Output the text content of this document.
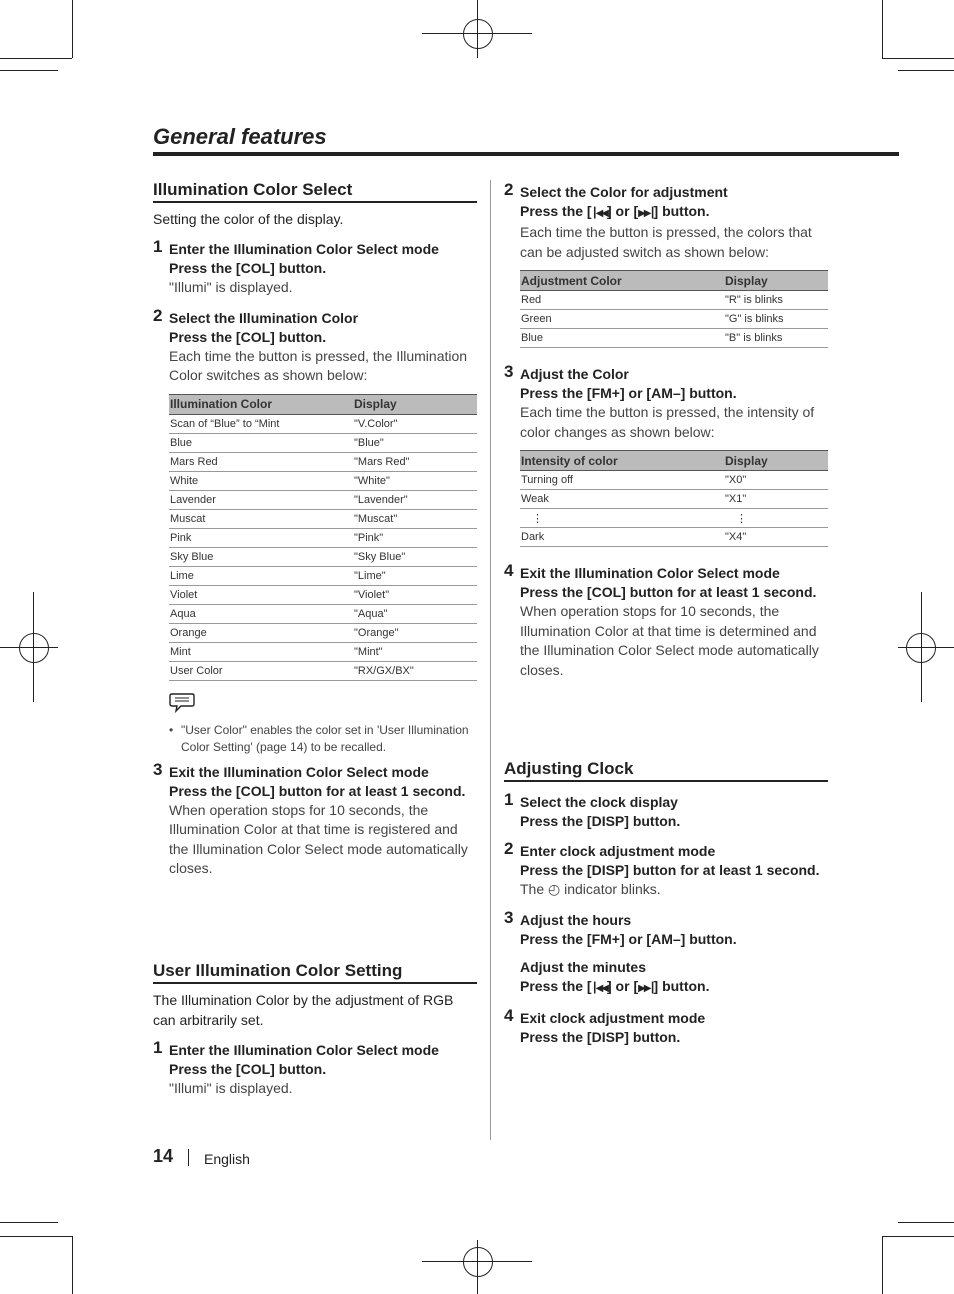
General features
Illumination Color Select

Setting the color of the display.

1 Enter the Illumination Color Select mode
Press the [COL] button.
"Illumi" is displayed.
2 Select the Illumination Color
Press the [COL] button.
Each time the button is pressed, the Illumination Color switches as shown below:
Illumination Color	Display
Scan of “Blue” to “Mint	"V.Color"
Blue	"Blue"
Mars Red	"Mars Red"
White	"White"
Lavender	"Lavender"
Muscat	"Muscat"
Pink	"Pink"
Sky Blue	"Sky Blue"
Lime	"Lime"
Violet	"Violet"
Aqua	"Aqua"
Orange	"Orange"
Mint	"Mint"
User Color	"RX/GX/BX"
• "User Color" enables the color set in 'User Illumination Color Setting' (page 14) to be recalled.
3 Exit the Illumination Color Select mode
Press the [COL] button for at least 1 second.
When operation stops for 10 seconds, the Illumination Color at that time is registered and the Illumination Color Select mode automatically closes.
User Illumination Color Setting

The Illumination Color by the adjustment of RGB can arbitrarily set.

1 Enter the Illumination Color Select mode
Press the [COL] button.
"Illumi" is displayed.
2 Select the Color for adjustment
Press the [┃◀◀] or [▶▶┃] button.
Each time the button is pressed, the colors that can be adjusted switch as shown below:
Adjustment Color	Display
Red	"R" is blinks
Green	"G" is blinks
Blue	"B" is blinks
3 Adjust the Color
Press the [FM+] or [AM–] button.
Each time the button is pressed, the intensity of color changes as shown below:
Intensity of color	Display
Turning off	"X0"
Weak	"X1"
⋮	⋮
Dark	"X4"
4 Exit the Illumination Color Select mode
Press the [COL] button for at least 1 second.
When operation stops for 10 seconds, the Illumination Color at that time is determined and the Illumination Color Select mode automatically closes.
Adjusting Clock
1 Select the clock display
Press the [DISP] button.
2 Enter clock adjustment mode
Press the [DISP] button for at least 1 second.
The ◴ indicator blinks.
3 Adjust the hours
Press the [FM+] or [AM–] button.
Adjust the minutes
Press the [┃◀◀] or [▶▶┃] button.
4 Exit clock adjustment mode
Press the [DISP] button.
14 English
